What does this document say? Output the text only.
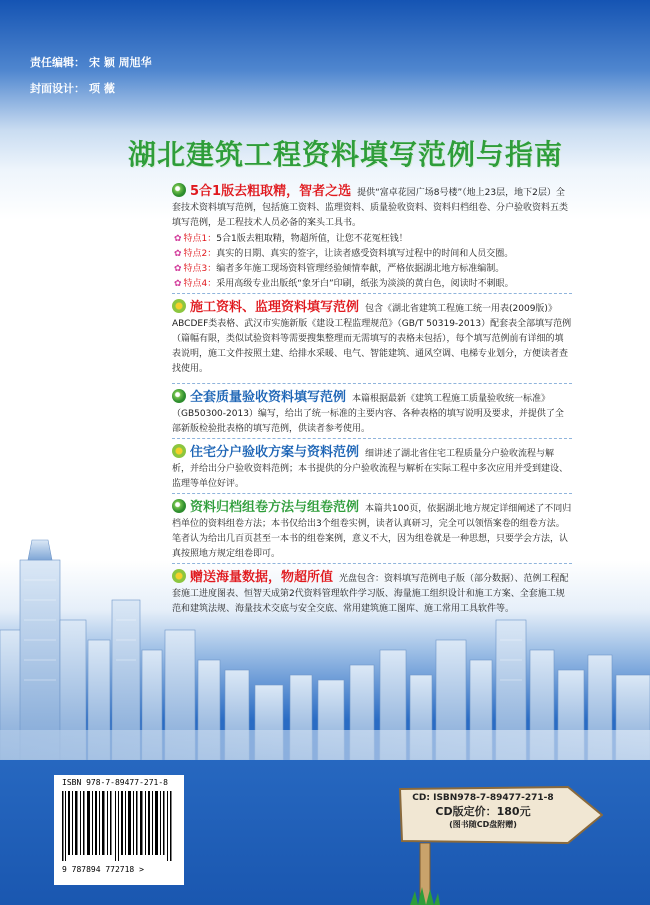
责任编辑： 宋 颖 周旭华
封面设计： 项 薇
湖北建筑工程资料填写范例与指南
5合1版去粗取精，智者之选 提供“富卓花园广场8号楼”（地上23层，地下2层）全套技术资料填写范例，包括施工资料、监理资料、质量验收资料、资料归档组卷、分户验收资料五类填写范例，是工程技术人员必备的案头工具书。
✿ 特点1：5合1版去粗取精，物超所值，让您不花冤枉钱！
✿ 特点2：真实的日期、真实的签字，让读者感受资料填写过程中的时间和人员交圈。
✿ 特点3：编者多年施工现场资料管理经验倾情奉献，严格依据湖北地方标准编制。
✿ 特点4：采用高级专业出版纸“象牙白”印刷，纸张为淡淡的黄白色，阅读时不刺眼。
施工资料、监理资料填写范例 包含《湖北省建筑工程施工统一用表(2009版)》ABCDEF类表格、武汉市实施新版《建设工程监理规范》（GB/T 50319-2013）配套表全部填写范例（篇幅有限，类似试验资料等需要搜集整理而无需填写的表格未包括），每个填写范例前有详细的填表说明，施工文件按照土建、给排水采暖、电气、智能建筑、通风空调、电梯专业划分，方便读者查找使用。
全套质量验收资料填写范例 本篇根据最新《建筑工程施工质量验收统一标准》（GB50300-2013）编写，给出了统一标准的主要内容、各种表格的填写说明及要求，并提供了全部新版检验批表格的填写范例，供读者参考使用。
住宅分户验收方案与资料范例 细讲述了湖北省住宅工程质量分户验收流程与解析，并给出分户验收资料范例；本书提供的分户验收流程与解析在实际工程中多次应用并受到建设、监理等单位好评。
资料归档组卷方法与组卷范例 本篇共100页，依据湖北地方规定详细阐述了不同归档单位的资料组卷方法；本书仅给出3个组卷实例，读者认真研习，完全可以领悟案卷的组卷方法。笔者认为给出几百页甚至一本书的组卷案例，意义不大，因为组卷就是一种思想，只要学会方法，认真按照地方规定组卷即可。
赠送海量数据，物超所值 光盘包含：资料填写范例电子版（部分数据）、范例工程配套施工进度图表、恒智天成第2代资料管理软件学习版、海量施工组织设计和施工方案、全套施工规范和建筑法规、海量技术交底与安全交底、常用建筑施工图库、施工常用工具软件等。
ISBN 978-7-89477-271-8
9 787894 772718 >
CD: ISBN978-7-89477-271-8
CD版定价：180元
(图书随CD盘附赠)
